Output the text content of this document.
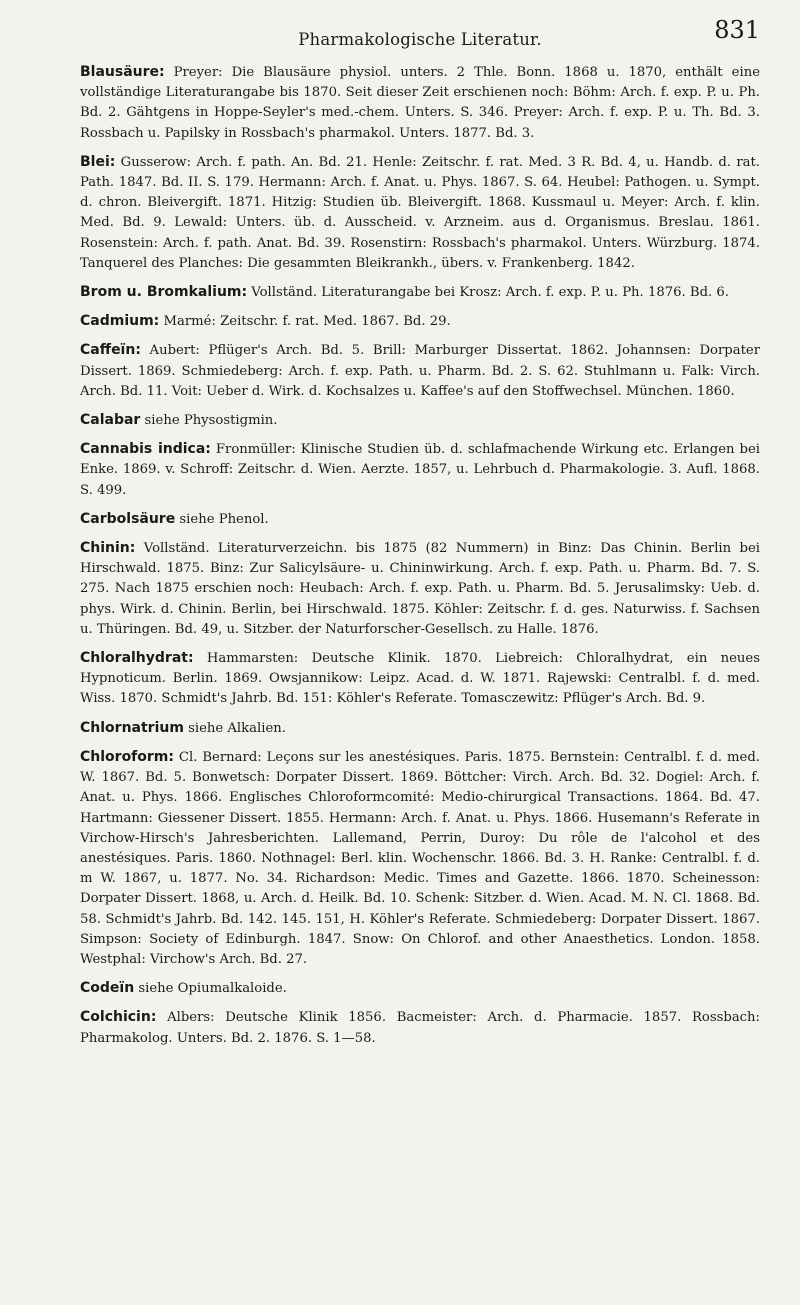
Pharmakologische Literatur.	831

Blausäure: Preyer: Die Blausäure physiol. unters. 2 Thle. Bonn. 1868 u. 1870, enthält eine vollständige Literaturangabe bis 1870. Seit dieser Zeit erschienen noch: Böhm: Arch. f. exp. P. u. Ph. Bd. 2. Gähtgens in Hoppe-Seyler's med.-chem. Unters. S. 346. Preyer: Arch. f. exp. P. u. Th. Bd. 3. Rossbach u. Papilsky in Rossbach's pharmakol. Unters. 1877. Bd. 3.

Blei: Gusserow: Arch. f. path. An. Bd. 21. Henle: Zeitschr. f. rat. Med. 3 R. Bd. 4, u. Handb. d. rat. Path. 1847. Bd. II. S. 179. Hermann: Arch. f. Anat. u. Phys. 1867. S. 64. Heubel: Pathogen. u. Sympt. d. chron. Bleivergift. 1871. Hitzig: Studien üb. Bleivergift. 1868. Kussmaul u. Meyer: Arch. f. klin. Med. Bd. 9. Lewald: Unters. üb. d. Ausscheid. v. Arzneim. aus d. Organismus. Breslau. 1861. Rosenstein: Arch. f. path. Anat. Bd. 39. Rosenstirn: Rossbach's pharmakol. Unters. Würzburg. 1874. Tanquerel des Planches: Die gesammten Bleikrankh., übers. v. Frankenberg. 1842.

Brom u. Bromkalium: Vollständ. Literaturangabe bei Krosz: Arch. f. exp. P. u. Ph. 1876. Bd. 6.

Cadmium: Marmé: Zeitschr. f. rat. Med. 1867. Bd. 29.

Caffeïn: Aubert: Pflüger's Arch. Bd. 5. Brill: Marburger Dissertat. 1862. Johannsen: Dorpater Dissert. 1869. Schmiedeberg: Arch. f. exp. Path. u. Pharm. Bd. 2. S. 62. Stuhlmann u. Falk: Virch. Arch. Bd. 11. Voit: Ueber d. Wirk. d. Kochsalzes u. Kaffee's auf den Stoffwechsel. München. 1860.

Calabar siehe Physostigmin.

Cannabis indica: Fronmüller: Klinische Studien üb. d. schlafmachende Wirkung etc. Erlangen bei Enke. 1869. v. Schroff: Zeitschr. d. Wien. Aerzte. 1857, u. Lehrbuch d. Pharmakologie. 3. Aufl. 1868. S. 499.

Carbolsäure siehe Phenol.

Chinin: Vollständ. Literaturverzeichn. bis 1875 (82 Nummern) in Binz: Das Chinin. Berlin bei Hirschwald. 1875. Binz: Zur Salicylsäure- u. Chininwirkung. Arch. f. exp. Path. u. Pharm. Bd. 7. S. 275. Nach 1875 erschien noch: Heubach: Arch. f. exp. Path. u. Pharm. Bd. 5. Jerusalimsky: Ueb. d. phys. Wirk. d. Chinin. Berlin, bei Hirschwald. 1875. Köhler: Zeitschr. f. d. ges. Naturwiss. f. Sachsen u. Thüringen. Bd. 49, u. Sitzber. der Naturforscher-Gesellsch. zu Halle. 1876.

Chloralhydrat: Hammarsten: Deutsche Klinik. 1870. Liebreich: Chloralhydrat, ein neues Hypnoticum. Berlin. 1869. Owsjannikow: Leipz. Acad. d. W. 1871. Rajewski: Centralbl. f. d. med. Wiss. 1870. Schmidt's Jahrb. Bd. 151: Köhler's Referate. Tomasczewitz: Pflüger's Arch. Bd. 9.

Chlornatrium siehe Alkalien.

Chloroform: Cl. Bernard: Leçons sur les anestésiques. Paris. 1875. Bernstein: Centralbl. f. d. med. W. 1867. Bd. 5. Bonwetsch: Dorpater Dissert. 1869. Böttcher: Virch. Arch. Bd. 32. Dogiel: Arch. f. Anat. u. Phys. 1866. Englisches Chloroformcomité: Medio-chirurgical Transactions. 1864. Bd. 47. Hartmann: Giessener Dissert. 1855. Hermann: Arch. f. Anat. u. Phys. 1866. Husemann's Referate in Virchow-Hirsch's Jahresberichten. Lallemand, Perrin, Duroy: Du rôle de l'alcohol et des anestésiques. Paris. 1860. Nothnagel: Berl. klin. Wochenschr. 1866. Bd. 3. H. Ranke: Centralbl. f. d. m W. 1867, u. 1877. No. 34. Richardson: Medic. Times and Gazette. 1866. 1870. Scheinesson: Dorpater Dissert. 1868, u. Arch. d. Heilk. Bd. 10. Schenk: Sitzber. d. Wien. Acad. M. N. Cl. 1868. Bd. 58. Schmidt's Jahrb. Bd. 142. 145. 151, H. Köhler's Referate. Schmiedeberg: Dorpater Dissert. 1867. Simpson: Society of Edinburgh. 1847. Snow: On Chlorof. and other Anaesthetics. London. 1858. Westphal: Virchow's Arch. Bd. 27.

Codeïn siehe Opiumalkaloide.

Colchicin: Albers: Deutsche Klinik 1856. Bacmeister: Arch. d. Pharmacie. 1857. Rossbach: Pharmakolog. Unters. Bd. 2. 1876. S. 1—58.
